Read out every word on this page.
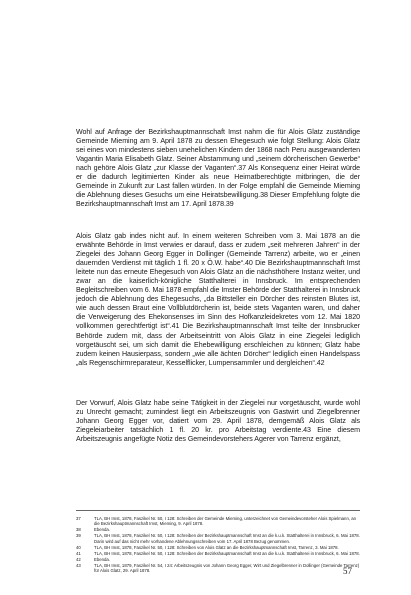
Wohl auf Anfrage der Bezirkshauptmannschaft Imst nahm die für Alois Glatz zuständige Gemeinde Mieming am 9. April 1878 zu dessen Ehegesuch wie folgt Stellung: Alois Glatz sei eines von mindestens sieben unehelichen Kindern der 1868 nach Peru ausgewanderten Vagantin Maria Elisabeth Glatz. Seiner Abstammung und „seinem dörcherischen Gewerbe“ nach gehöre Alois Glatz „zur Klasse der Vaganten“.37 Als Konsequenz einer Heirat würde er die dadurch legitimierten Kinder als neue Heimatberechtigte mitbringen, die der Gemeinde in Zukunft zur Last fallen würden. In der Folge empfahl die Gemeinde Mieming die Ablehnung dieses Gesuchs um eine Heiratsbewilligung.38 Dieser Empfehlung folgte die Bezirkshauptmannschaft Imst am 17. April 1878.39

Alois Glatz gab indes nicht auf. In einem weiteren Schreiben vom 3. Mai 1878 an die erwähnte Behörde in Imst verwies er darauf, dass er zudem „seit mehreren Jahren“ in der Ziegelei des Johann Georg Egger in Dollinger (Gemeinde Tarrenz) arbeite, wo er „einen dauernden Verdienst mit täglich 1 fl. 20 x Ö.W. habe“.40 Die Bezirkshauptmannschaft Imst leitete nun das erneute Ehegesuch von Alois Glatz an die nächsthöhere Instanz weiter, und zwar an die kaiserlich-königliche Statthalterei in Innsbruck. Im entsprechenden Begleitschreiben vom 6. Mai 1878 empfahl die Imster Behörde der Statthalterei in Innsbruck jedoch die Ablehnung des Ehegesuchs, „da Bittsteller ein Dörcher des reinsten Blutes ist, wie auch dessen Braut eine Vollblutdörcherin ist, beide stets Vaganten waren, und daher die Verweigerung des Ehekonsenses im Sinn des Hofkanzleidekretes vom 12. Mai 1820 vollkommen gerechtfertigt ist“.41 Die Bezirkshauptmannschaft Imst teilte der Innsbrucker Behörde zudem mit, dass der Arbeitseintritt von Alois Glatz in eine Ziegelei lediglich vorgetäuscht sei, um sich damit die Ehebewilligung erschleichen zu können; Glatz habe zudem keinen Hausierpass, sondern „wie alle ächten Dörcher“ lediglich einen Handelspass „als Regenschirmreparateur, Kesselflicker, Lumpensammler und dergleichen“.42

Der Vorwurf, Alois Glatz habe seine Tätigkeit in der Ziegelei nur vorgetäuscht, wurde wohl zu Unrecht gemacht; zumindest liegt ein Arbeitszeugnis von Gastwirt und Ziegelbrenner Johann Georg Egger vor, datiert vom 29. April 1878, demgemäß Alois Glatz als Ziegeleiarbeiter tatsächlich 1 fl. 20 kr. pro Arbeitstag verdiente.43 Eine diesem Arbeitszeugnis angefügte Notiz des Gemeindevorstehers Agerer von Tarrenz ergänzt,

37	TLA, BH Imst, 1878, Faszikel Nr. 50, I 128: Schreiben der Gemeinde Mieming, unterzeichnet von Gemeindevorsteher Alois Spielmann, an die Bezirkshauptmannschaft Imst, Mieming, 9. April 1878.
38	Ebenda.
39	TLA, BH Imst, 1878, Faszikel Nr. 50, I 128: Schreiben der Bezirkshauptmannschaft Imst an die k.u.k. Statthalterei in Innsbruck, 6. Mai 1878. Darin wird auf das nicht mehr vorhandene Ablehnungsschreiben vom 17. April 1878 Bezug genommen.
40	TLA, BH Imst, 1878, Faszikel Nr. 50, I 128: Schreiben von Alois Glatz an die Bezirkshauptmannschaft Imst, Tarrenz, 3. Mai 1878.
41	TLA, BH Imst, 1878, Faszikel Nr. 50, I 128: Schreiben der Bezirkshauptmannschaft Imst an die k.u.k. Statthalterei in Innsbruck, 6. Mai 1878.
42	Ebenda.
43	TLA, BH Imst, 1879, Faszikel Nr. 54, I 24: Arbeitszeugnis von Johann Georg Egger, Wirt und Ziegelbrenner in Dollinger (Gemeinde Tarrenz) für Alois Glatz, 29. April 1878.	57
